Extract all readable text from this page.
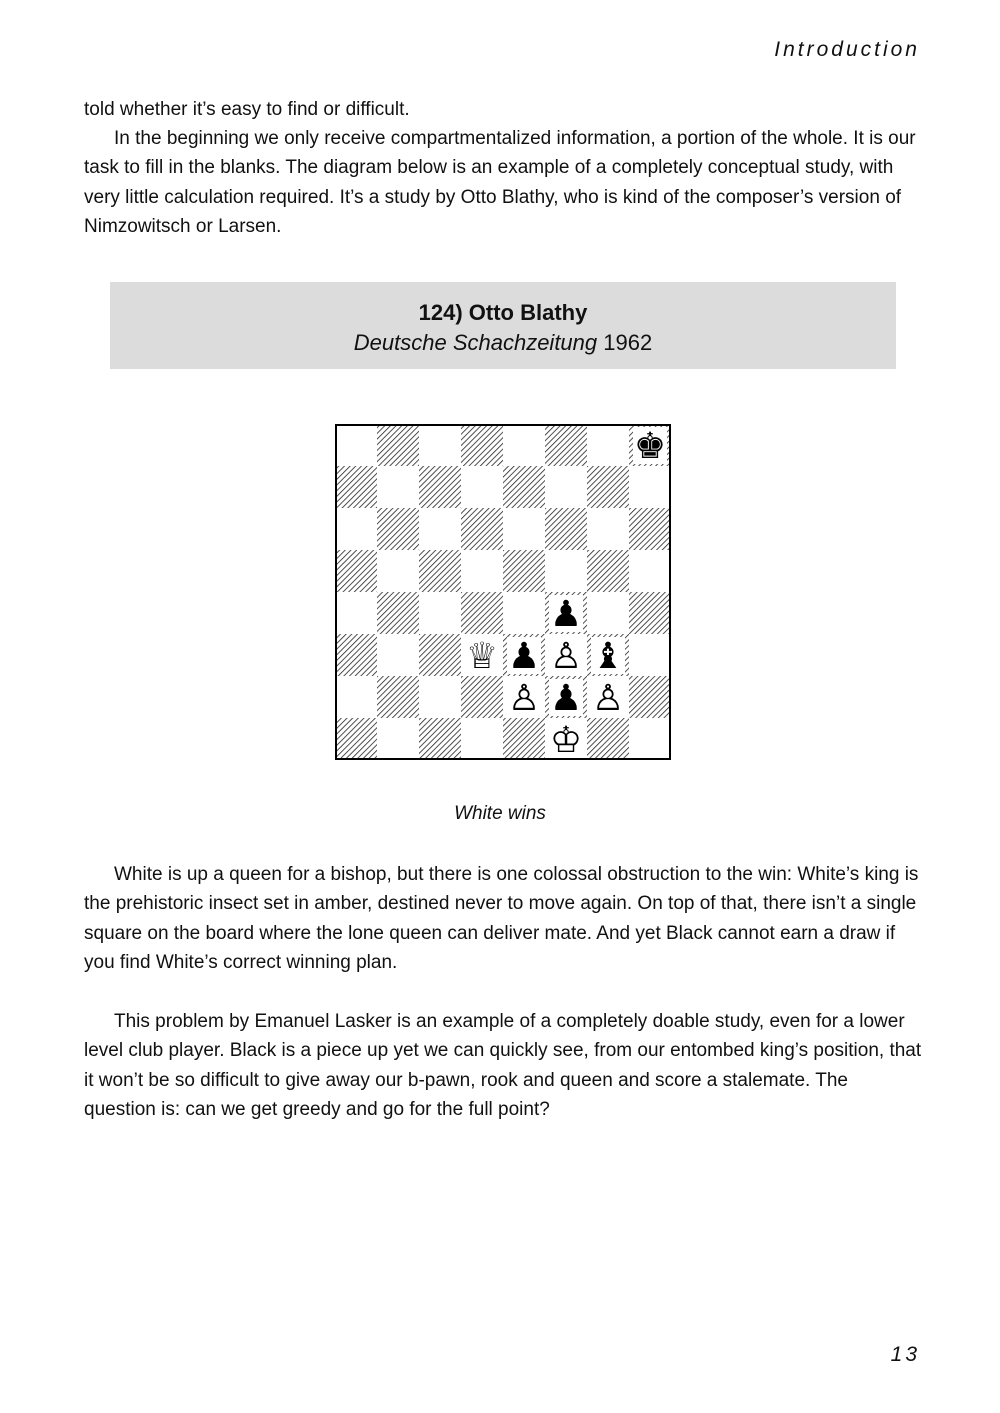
Introduction

told whether it’s easy to find or difficult.

In the beginning we only receive compartmentalized information, a portion of the whole. It is our task to fill in the blanks. The diagram below is an example of a completely conceptual study, with very little calculation required. It’s a study by Otto Blathy, who is kind of the composer’s version of Nimzowitsch or Larsen.

124) Otto Blathy
Deutsche Schachzeitung 1962
♚
♟
♕ ♟ ♙ ♝
♙ ♟ ♙
♔
White wins

White is up a queen for a bishop, but there is one colossal obstruction to the win: White’s king is the prehistoric insect set in amber, destined never to move again. On top of that, there isn’t a single square on the board where the lone queen can deliver mate. And yet Black cannot earn a draw if you find White’s correct winning plan.

This problem by Emanuel Lasker is an example of a completely doable study, even for a lower level club player. Black is a piece up yet we can quickly see, from our entombed king’s position, that it won’t be so difficult to give away our b-pawn, rook and queen and score a stalemate. The question is: can we get greedy and go for the full point?

13
